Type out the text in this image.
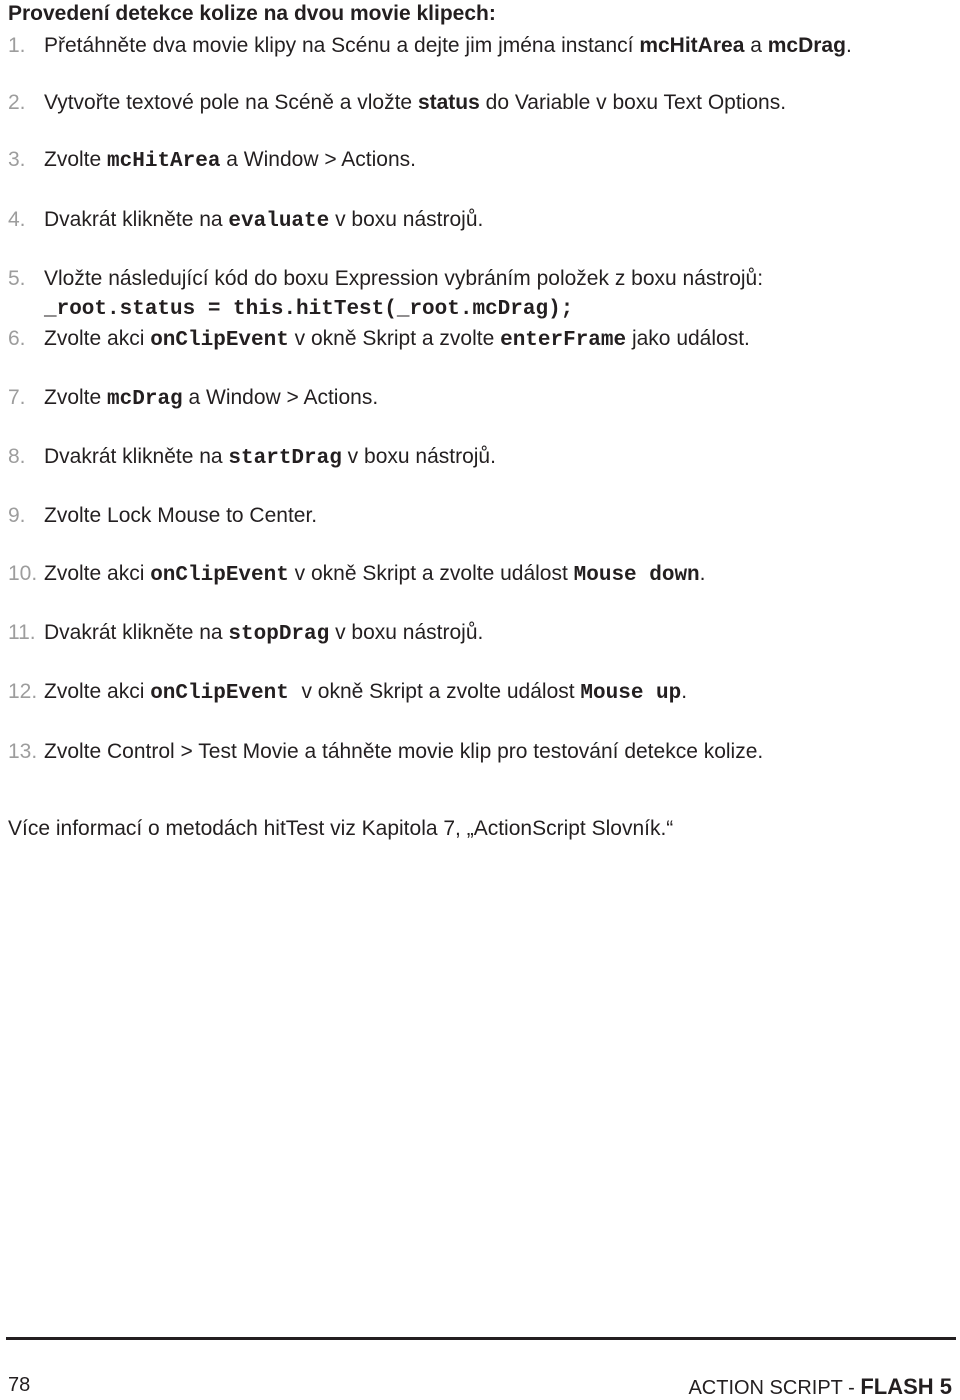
Provedení detekce kolize na dvou movie klipech:
1. Přetáhněte dva movie klipy na Scénu a dejte jim jména instancí mcHitArea a mcDrag.
2. Vytvořte textové pole na Scéně a vložte status do Variable v boxu Text Options.
3. Zvolte mcHitArea a Window > Actions.
4. Dvakrát klikněte na evaluate v boxu nástrojů.
5. Vložte následující kód do boxu Expression vybráním položek z boxu nástrojů:
_root.status = this.hitTest(_root.mcDrag);
6. Zvolte akci onClipEvent v okně Skript a zvolte enterFrame jako událost.
7. Zvolte mcDrag a Window > Actions.
8. Dvakrát klikněte na startDrag v boxu nástrojů.
9. Zvolte Lock Mouse to Center.
10. Zvolte akci onClipEvent v okně Skript a zvolte událost Mouse down.
11. Dvakrát klikněte na stopDrag v boxu nástrojů.
12. Zvolte akci onClipEvent v okně Skript a zvolte událost Mouse up.
13. Zvolte Control > Test Movie a táhněte movie klip pro testování detekce kolize.
Více informací o metodách hitTest viz Kapitola 7, „ActionScript Slovník.“
78	ACTION SCRIPT - FLASH 5
